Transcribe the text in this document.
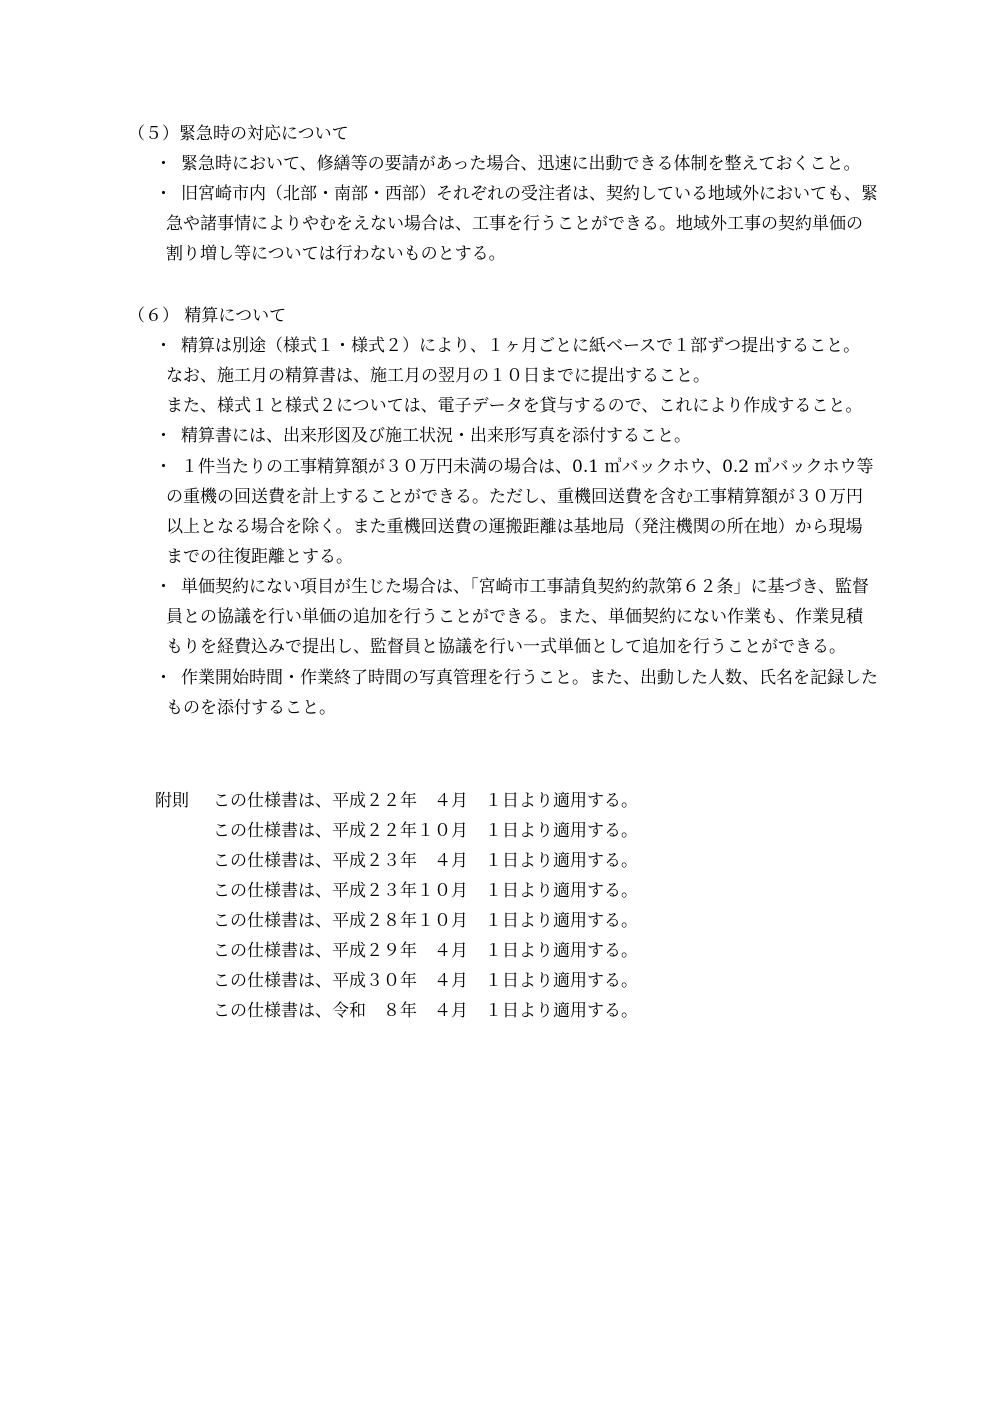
（５）緊急時の対応について
・ 緊急時において、修繕等の要請があった場合、迅速に出動できる体制を整えておくこと。
・ 旧宮崎市内（北部・南部・西部）それぞれの受注者は、契約している地域外においても、緊
急や諸事情によりやむをえない場合は、工事を行うことができる。地域外工事の契約単価の
割り増し等については行わないものとする。
（６） 精算について
・ 精算は別途（様式１・様式２）により、１ヶ月ごとに紙ベースで１部ずつ提出すること。
なお、施工月の精算書は、施工月の翌月の１０日までに提出すること。
また、様式１と様式２については、電子データを貸与するので、これにより作成すること。
・ 精算書には、出来形図及び施工状況・出来形写真を添付すること。
・ １件当たりの工事精算額が３０万円未満の場合は、0.1 ㎥バックホウ、0.2 ㎥バックホウ等
の重機の回送費を計上することができる。ただし、重機回送費を含む工事精算額が３０万円
以上となる場合を除く。また重機回送費の運搬距離は基地局（発注機関の所在地）から現場
までの往復距離とする。
・ 単価契約にない項目が生じた場合は、「宮崎市工事請負契約約款第６２条」に基づき、監督
員との協議を行い単価の追加を行うことができる。また、単価契約にない作業も、作業見積
もりを経費込みで提出し、監督員と協議を行い一式単価として追加を行うことができる。
・ 作業開始時間・作業終了時間の写真管理を行うこと。また、出動した人数、氏名を記録した
ものを添付すること。
附則 この仕様書は、平成２２年　４月　１日より適用する。
この仕様書は、平成２２年１０月　１日より適用する。
この仕様書は、平成２３年　４月　１日より適用する。
この仕様書は、平成２３年１０月　１日より適用する。
この仕様書は、平成２８年１０月　１日より適用する。
この仕様書は、平成２９年　４月　１日より適用する。
この仕様書は、平成３０年　４月　１日より適用する。
この仕様書は、令和　８年　４月　１日より適用する。
